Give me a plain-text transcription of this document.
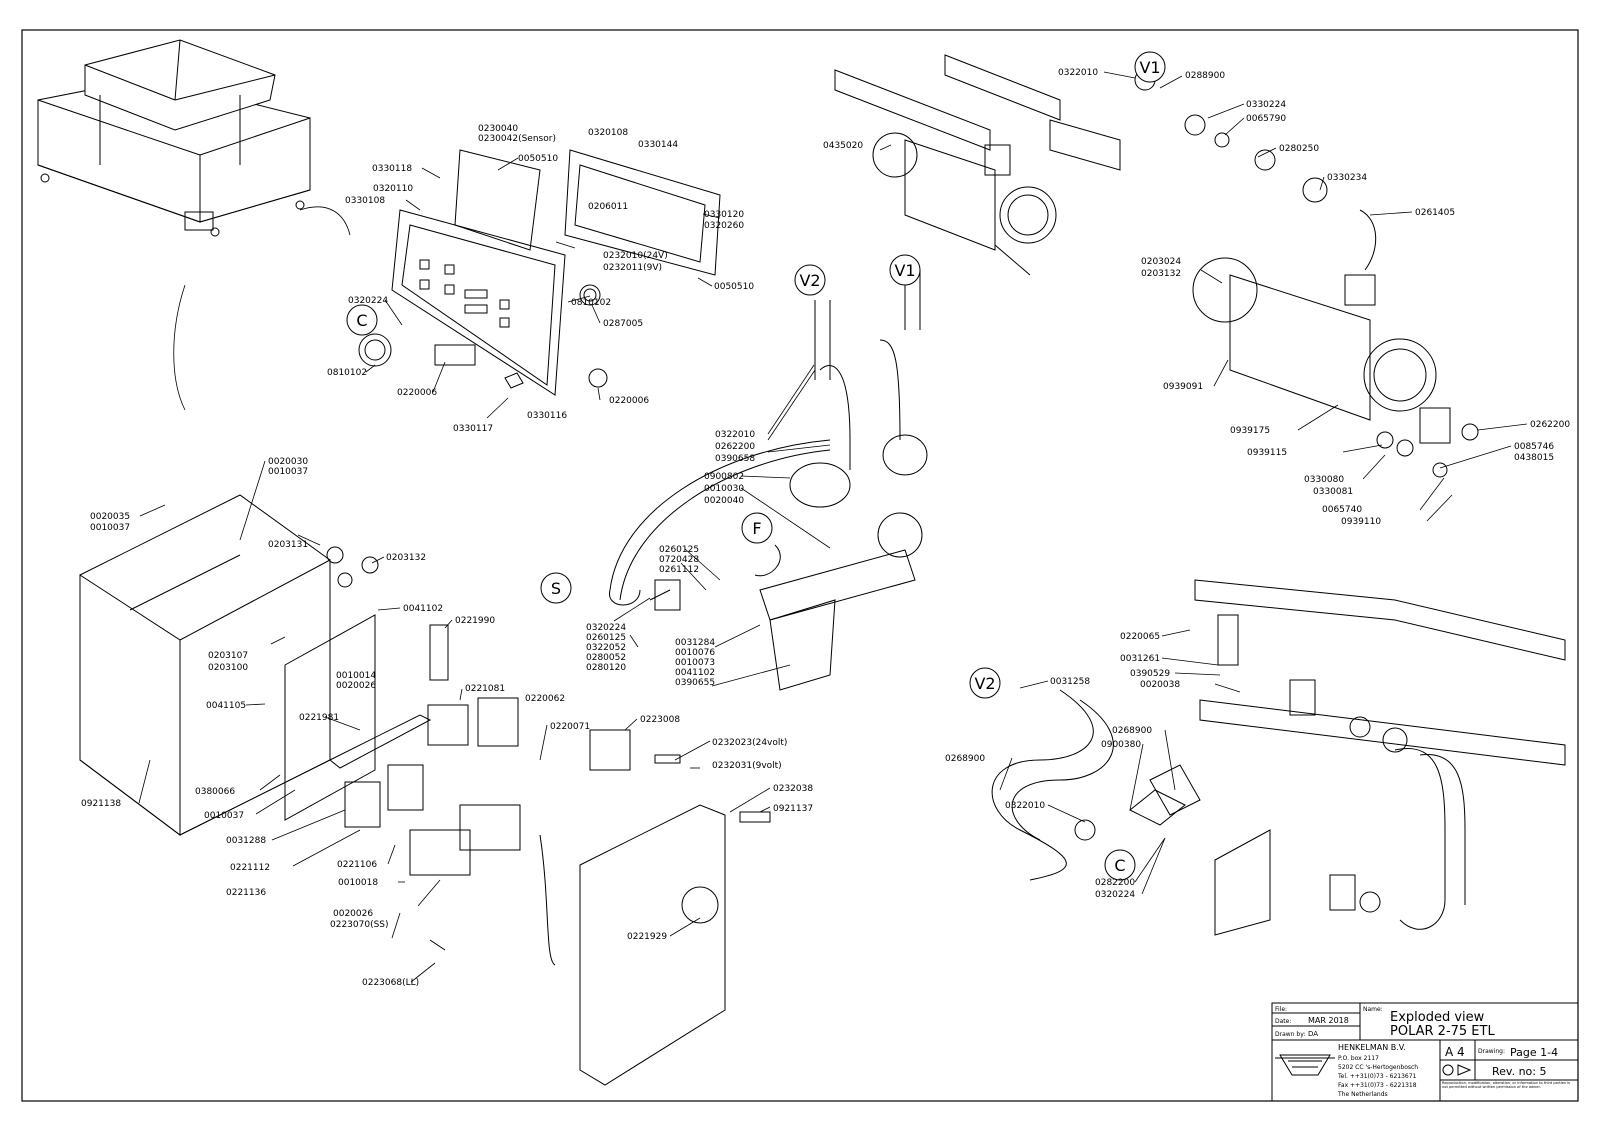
V1
V2
V1
V2
C
C
F
S
0322010	0288900
0330224
0065790
0280250
0330234
0261405
0435020
0203024
0203132
0939091
0939175
0939115
0262200
0085746
0438015
0330080
0330081
0065740
0939110
0230040
0230042(Sensor)
0320108
0330144
0050510
0330118
0320110
0330108
0206011
0330120
0320260
0232010(24V)
0232011(9V)
0050510
0810102
0287005
0320224
0810102
0220006
0220006
0330116
0330117
0322010
0262200
0390658
0900802
0010030
0020040
0260125
0720428
0261112
0320224
0260125
0322052
0280052
0280120
0031284
0010076
0010073
0041102
0390655
0020030
0010037
0020035
0010037
0203131
0203132
0041102
0221990
0203107
0203100
0010014
0020026
0041105
0221081
0220062
0221981
0220071
0223008
0232023(24volt)
0232031(9volt)
0921138
0380066
0010037
0031288
0221112
0221136
0221106
0010018
0020026
0223070(SS)
0223068(LL)
0232038
0921137
0221929
0220065
0031261
0390529
0020038
0031258
0268900
0322010
0268900
0900380
0282200
0320224
File:
Date: MAR 2018
Drawn by: DA
Name:
Exploded view
POLAR 2-75 ETL
HENKELMAN B.V.
P.O. box 2117
5202 CC 's-Hertogenbosch
Tel. ++31(0)73 - 6213671
Fax ++31(0)73 - 6221318
The Netherlands
A 4 Drawing: Page 1-4
Rev. no: 5
Reproduction, modification, alteration, or information to third parties is not permitted without written permission of the owner.
